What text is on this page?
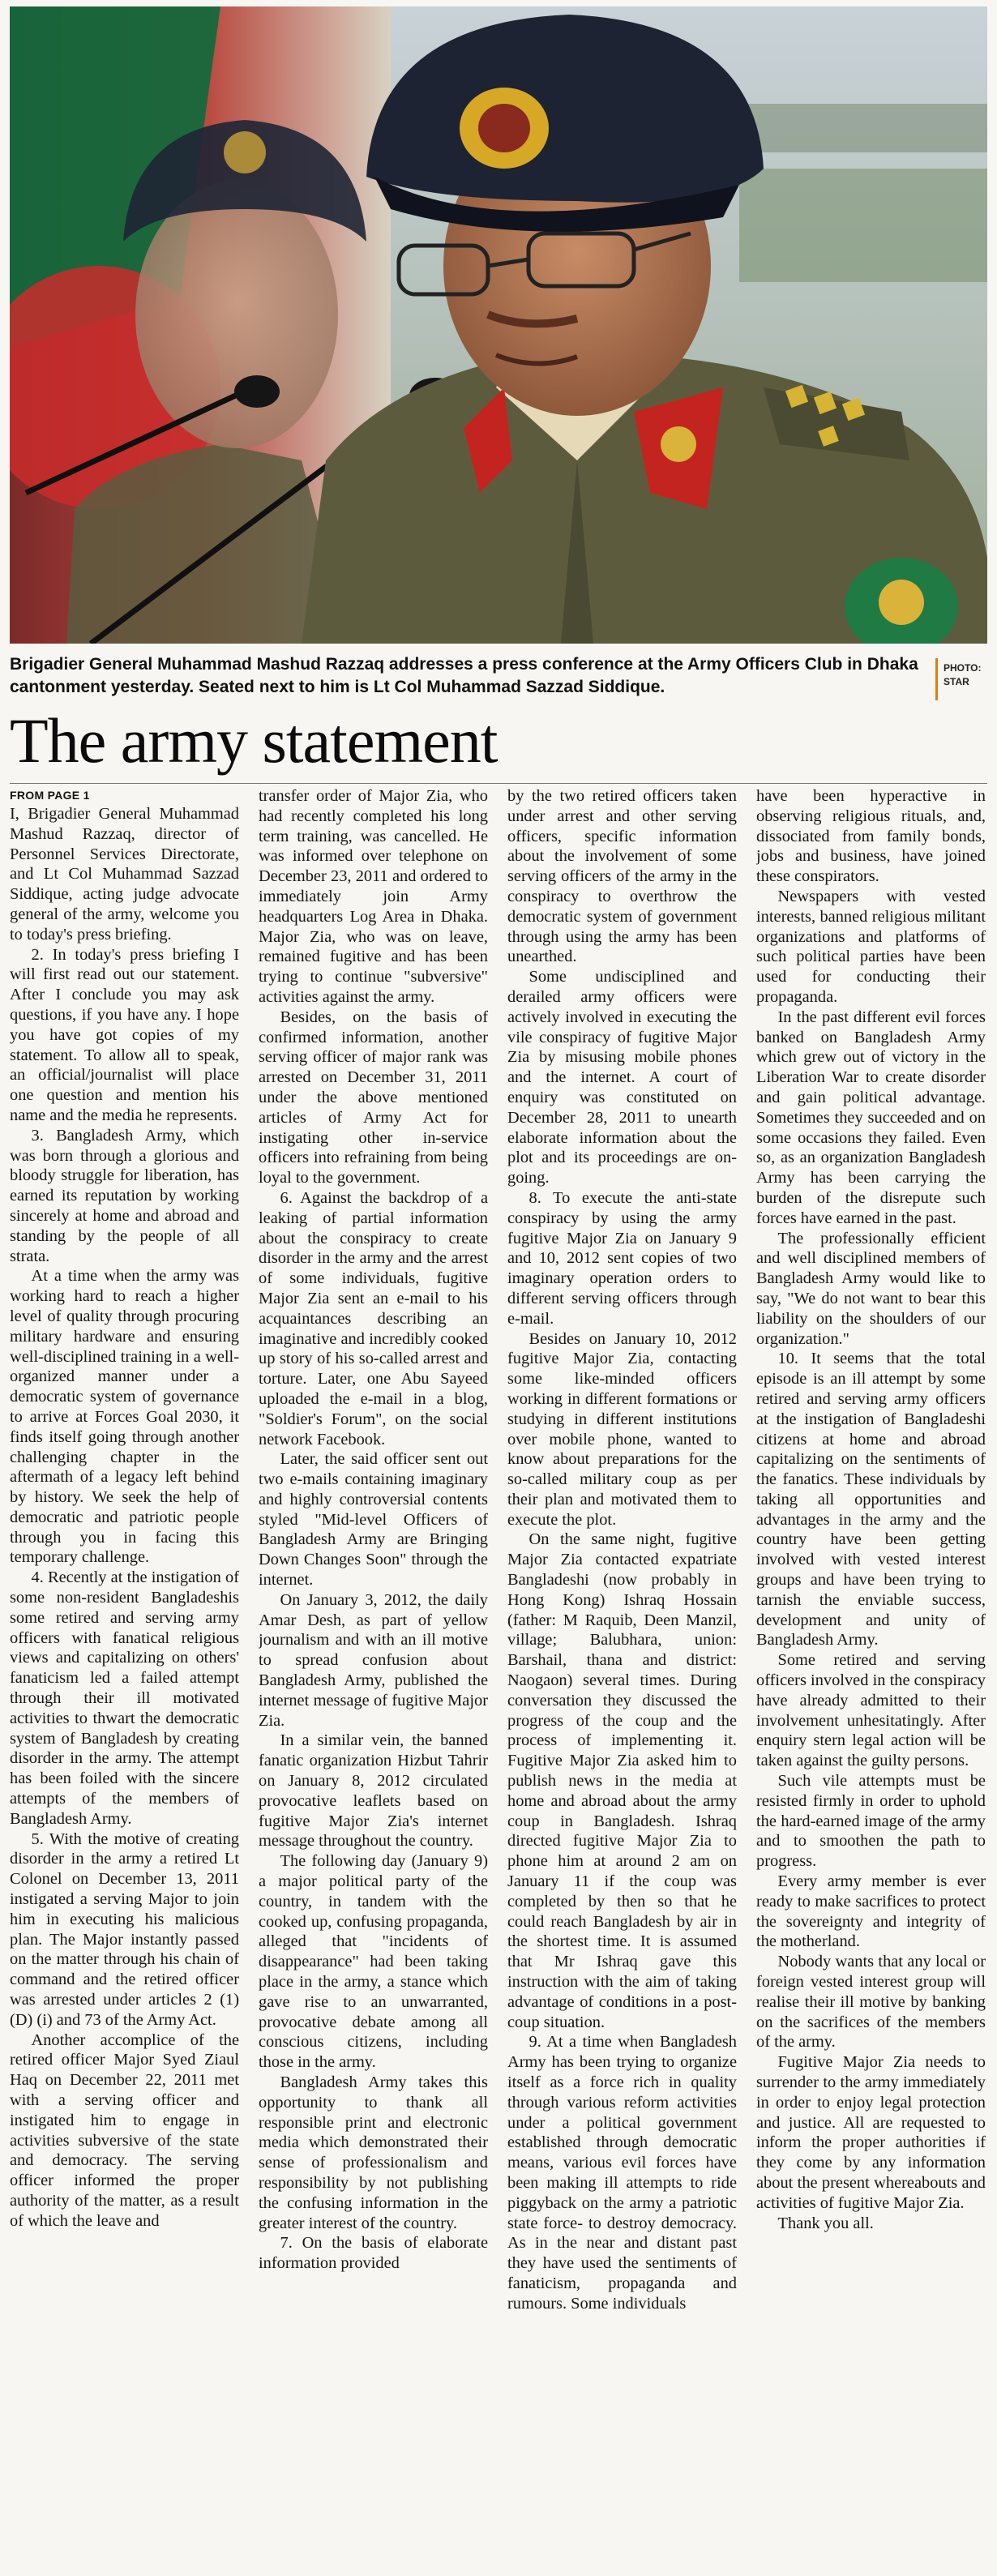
Brigadier General Muhammad Mashud Razzaq addresses a press conference at the Army Officers Club in Dhaka cantonment yesterday. Seated next to him is Lt Col Muhammad Sazzad Siddique.
PHOTO: STAR
The army statement
FROM PAGE 1

I, Brigadier General Muhammad Mashud Razzaq, director of Personnel Services Directorate, and Lt Col Muhammad Sazzad Siddique, acting judge advocate general of the army, welcome you to today's press briefing.

2. In today's press briefing I will first read out our statement. After I conclude you may ask questions, if you have any. I hope you have got copies of my statement. To allow all to speak, an official/journalist will place one question and mention his name and the media he represents.

3. Bangladesh Army, which was born through a glorious and bloody struggle for liberation, has earned its reputation by working sincerely at home and abroad and standing by the people of all strata.

At a time when the army was working hard to reach a higher level of quality through procuring military hardware and ensuring well-disciplined training in a well-organized manner under a democratic system of governance to arrive at Forces Goal 2030, it finds itself going through another challenging chapter in the aftermath of a legacy left behind by history. We seek the help of democratic and patriotic people through you in facing this temporary challenge.

4. Recently at the instigation of some non-resident Bangladeshis some retired and serving army officers with fanatical religious views and capitalizing on others' fanaticism led a failed attempt through their ill motivated activities to thwart the democratic system of Bangladesh by creating disorder in the army. The attempt has been foiled with the sincere attempts of the members of Bangladesh Army.

5. With the motive of creating disorder in the army a retired Lt Colonel on December 13, 2011 instigated a serving Major to join him in executing his malicious plan. The Major instantly passed on the matter through his chain of command and the retired officer was arrested under articles 2 (1) (D) (i) and 73 of the Army Act.

Another accomplice of the retired officer Major Syed Ziaul Haq on December 22, 2011 met with a serving officer and instigated him to engage in activities subversive of the state and democracy. The serving officer informed the proper authority of the matter, as a result of which the leave and

transfer order of Major Zia, who had recently completed his long term training, was cancelled. He was informed over telephone on December 23, 2011 and ordered to immediately join Army headquarters Log Area in Dhaka. Major Zia, who was on leave, remained fugitive and has been trying to continue "subversive" activities against the army.

Besides, on the basis of confirmed information, another serving officer of major rank was arrested on December 31, 2011 under the above mentioned articles of Army Act for instigating other in-service officers into refraining from being loyal to the government.

6. Against the backdrop of a leaking of partial information about the conspiracy to create disorder in the army and the arrest of some individuals, fugitive Major Zia sent an e-mail to his acquaintances describing an imaginative and incredibly cooked up story of his so-called arrest and torture. Later, one Abu Sayeed uploaded the e-mail in a blog, "Soldier's Forum", on the social network Facebook.

Later, the said officer sent out two e-mails containing imaginary and highly controversial contents styled "Mid-level Officers of Bangladesh Army are Bringing Down Changes Soon" through the internet.

On January 3, 2012, the daily Amar Desh, as part of yellow journalism and with an ill motive to spread confusion about Bangladesh Army, published the internet message of fugitive Major Zia.

In a similar vein, the banned fanatic organization Hizbut Tahrir on January 8, 2012 circulated provocative leaflets based on fugitive Major Zia's internet message throughout the country.

The following day (January 9) a major political party of the country, in tandem with the cooked up, confusing propaganda, alleged that "incidents of disappearance" had been taking place in the army, a stance which gave rise to an unwarranted, provocative debate among all conscious citizens, including those in the army.

Bangladesh Army takes this opportunity to thank all responsible print and electronic media which demonstrated their sense of professionalism and responsibility by not publishing the confusing information in the greater interest of the country.

7. On the basis of elaborate information provided

by the two retired officers taken under arrest and other serving officers, specific information about the involvement of some serving officers of the army in the conspiracy to overthrow the democratic system of government through using the army has been unearthed.

Some undisciplined and derailed army officers were actively involved in executing the vile conspiracy of fugitive Major Zia by misusing mobile phones and the internet. A court of enquiry was constituted on December 28, 2011 to unearth elaborate information about the plot and its proceedings are on-going.

8. To execute the anti-state conspiracy by using the army fugitive Major Zia on January 9 and 10, 2012 sent copies of two imaginary operation orders to different serving officers through e-mail.

Besides on January 10, 2012 fugitive Major Zia, contacting some like-minded officers working in different formations or studying in different institutions over mobile phone, wanted to know about preparations for the so-called military coup as per their plan and motivated them to execute the plot.

On the same night, fugitive Major Zia contacted expatriate Bangladeshi (now probably in Hong Kong) Ishraq Hossain (father: M Raquib, Deen Manzil, village; Balubhara, union: Barshail, thana and district: Naogaon) several times. During conversation they discussed the progress of the coup and the process of implementing it. Fugitive Major Zia asked him to publish news in the media at home and abroad about the army coup in Bangladesh. Ishraq directed fugitive Major Zia to phone him at around 2 am on January 11 if the coup was completed by then so that he could reach Bangladesh by air in the shortest time. It is assumed that Mr Ishraq gave this instruction with the aim of taking advantage of conditions in a post-coup situation.

9. At a time when Bangladesh Army has been trying to organize itself as a force rich in quality through various reform activities under a political government established through democratic means, various evil forces have been making ill attempts to ride piggyback on the army a patriotic state force- to destroy democracy. As in the near and distant past they have used the sentiments of fanaticism, propaganda and rumours. Some individuals

have been hyperactive in observing religious rituals, and, dissociated from family bonds, jobs and business, have joined these conspirators.

Newspapers with vested interests, banned religious militant organizations and platforms of such political parties have been used for conducting their propaganda.

In the past different evil forces banked on Bangladesh Army which grew out of victory in the Liberation War to create disorder and gain political advantage. Sometimes they succeeded and on some occasions they failed. Even so, as an organization Bangladesh Army has been carrying the burden of the disrepute such forces have earned in the past.

The professionally efficient and well disciplined members of Bangladesh Army would like to say, "We do not want to bear this liability on the shoulders of our organization."

10. It seems that the total episode is an ill attempt by some retired and serving army officers at the instigation of Bangladeshi citizens at home and abroad capitalizing on the sentiments of the fanatics. These individuals by taking all opportunities and advantages in the army and the country have been getting involved with vested interest groups and have been trying to tarnish the enviable success, development and unity of Bangladesh Army.

Some retired and serving officers involved in the conspiracy have already admitted to their involvement unhesitatingly. After enquiry stern legal action will be taken against the guilty persons.

Such vile attempts must be resisted firmly in order to uphold the hard-earned image of the army and to smoothen the path to progress.

Every army member is ever ready to make sacrifices to protect the sovereignty and integrity of the motherland.

Nobody wants that any local or foreign vested interest group will realise their ill motive by banking on the sacrifices of the members of the army.

Fugitive Major Zia needs to surrender to the army immediately in order to enjoy legal protection and justice. All are requested to inform the proper authorities if they come by any information about the present whereabouts and activities of fugitive Major Zia.

Thank you all.
